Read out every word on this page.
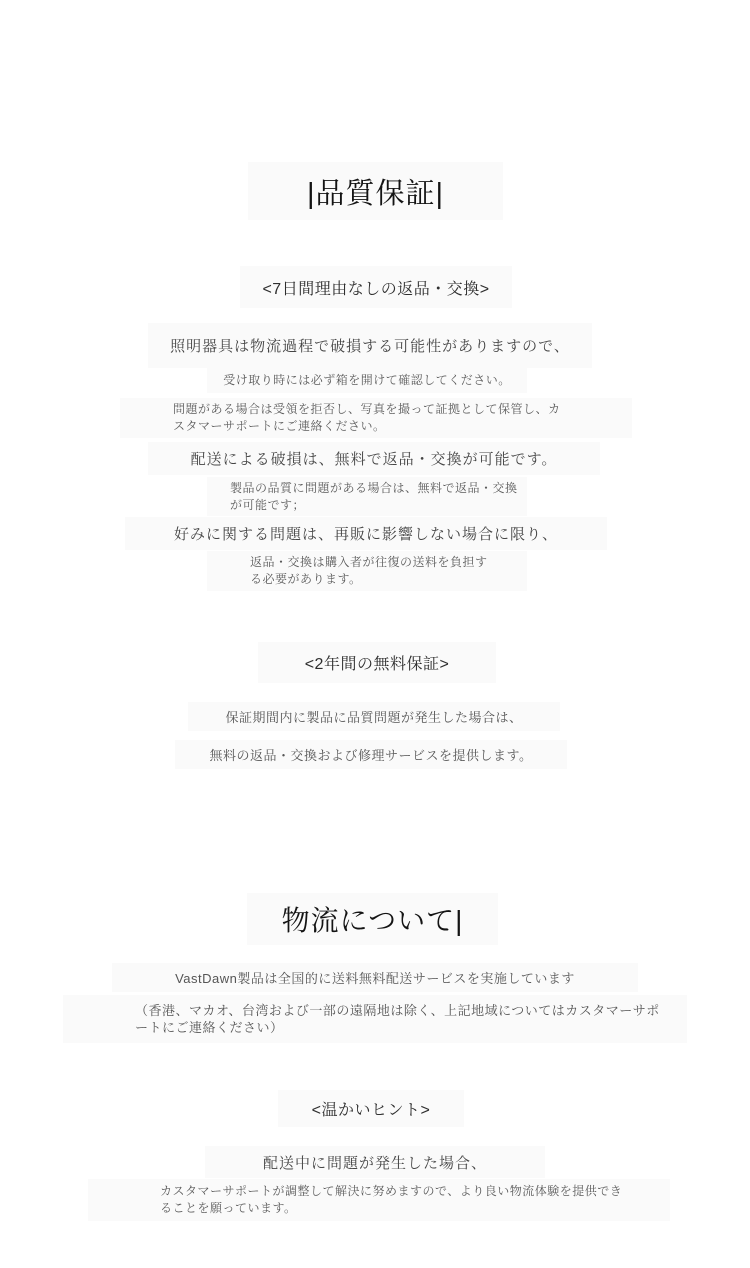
|品質保証|
<7日間理由なしの返品・交換>
照明器具は物流過程で破損する可能性がありますので、
受け取り時には必ず箱を開けて確認してください。
問題がある場合は受領を拒否し、写真を撮って証拠として保管し、カ
スタマーサポートにご連絡ください。
配送による破損は、無料で返品・交換が可能です。
製品の品質に問題がある場合は、無料で返品・交換
が可能です；
好みに関する問題は、再販に影響しない場合に限り、
返品・交換は購入者が往復の送料を負担す
る必要があります。
<2年間の無料保証>
保証期間内に製品に品質問題が発生した場合は、
無料の返品・交換および修理サービスを提供します。
物流について|
VastDawn製品は全国的に送料無料配送サービスを実施しています
（香港、マカオ、台湾および一部の遠隔地は除く、上記地域についてはカスタマーサポ
ートにご連絡ください）
<温かいヒント>
配送中に問題が発生した場合、
カスタマーサポートが調整して解決に努めますので、より良い物流体験を提供でき
ることを願っています。
